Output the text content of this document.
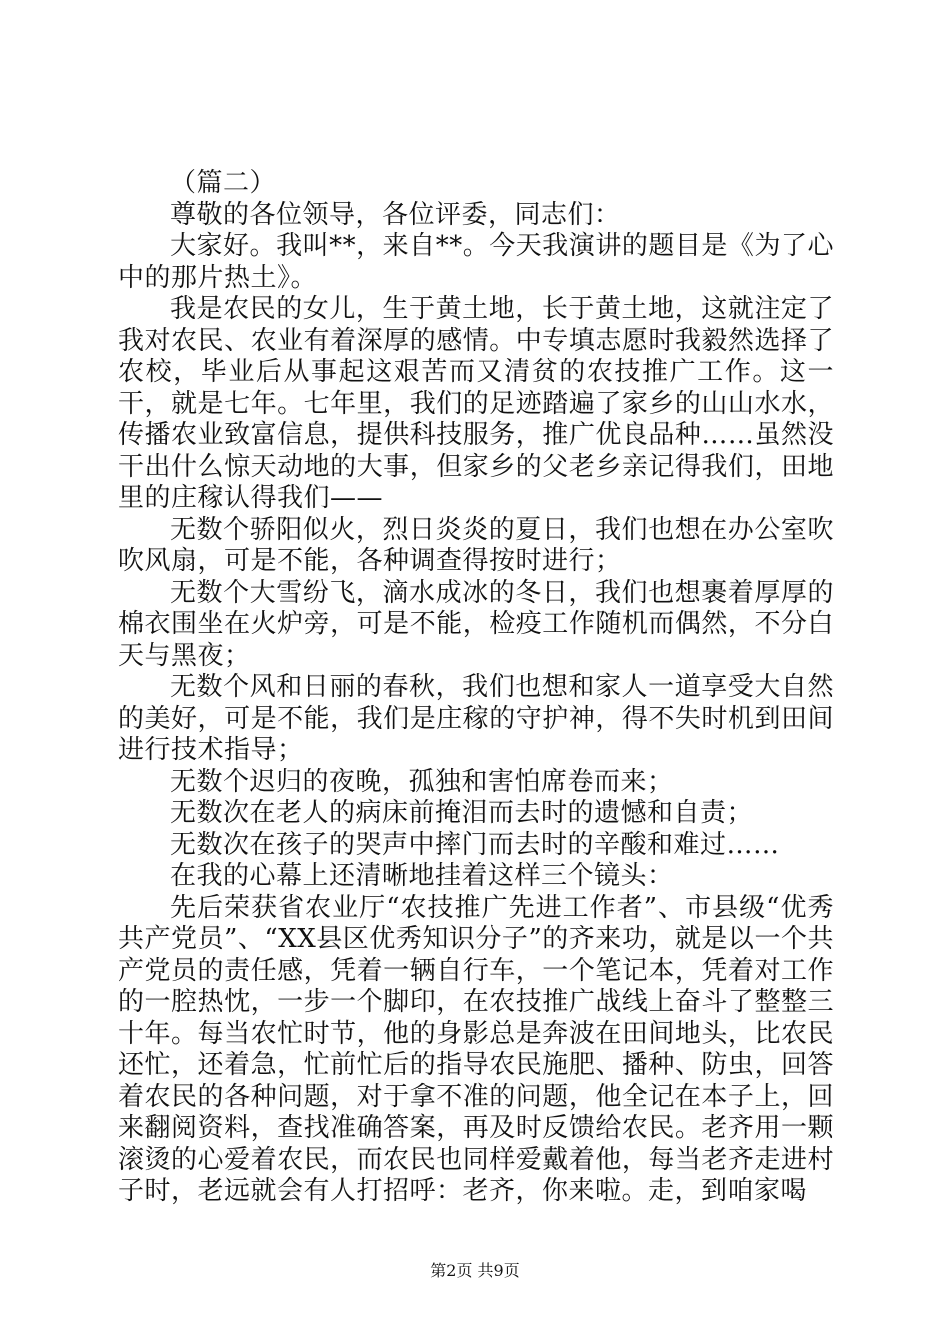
（篇二）

尊敬的各位领导，各位评委，同志们：

大家好。我叫**，来自**。今天我演讲的题目是《为了心中的那片热土》。

我是农民的女儿，生于黄土地，长于黄土地，这就注定了我对农民、农业有着深厚的感情。中专填志愿时我毅然选择了农校，毕业后从事起这艰苦而又清贫的农技推广工作。这一干，就是七年。七年里，我们的足迹踏遍了家乡的山山水水，传播农业致富信息，提供科技服务，推广优良品种……虽然没干出什么惊天动地的大事，但家乡的父老乡亲记得我们，田地里的庄稼认得我们——

无数个骄阳似火，烈日炎炎的夏日，我们也想在办公室吹吹风扇，可是不能，各种调查得按时进行；

无数个大雪纷飞，滴水成冰的冬日，我们也想裹着厚厚的棉衣围坐在火炉旁，可是不能，检疫工作随机而偶然，不分白天与黑夜；

无数个风和日丽的春秋，我们也想和家人一道享受大自然的美好，可是不能，我们是庄稼的守护神，得不失时机到田间进行技术指导；

无数个迟归的夜晚，孤独和害怕席卷而来；

无数次在老人的病床前掩泪而去时的遗憾和自责；

无数次在孩子的哭声中摔门而去时的辛酸和难过……

在我的心幕上还清晰地挂着这样三个镜头：

先后荣获省农业厅“农技推广先进工作者”、市县级“优秀共产党员”、“XX县区优秀知识分子”的齐来功，就是以一个共产党员的责任感，凭着一辆自行车，一个笔记本，凭着对工作的一腔热忱，一步一个脚印，在农技推广战线上奋斗了整整三十年。每当农忙时节，他的身影总是奔波在田间地头，比农民还忙，还着急，忙前忙后的指导农民施肥、播种、防虫，回答着农民的各种问题，对于拿不准的问题，他全记在本子上，回来翻阅资料，查找准确答案，再及时反馈给农民。老齐用一颗滚烫的心爱着农民，而农民也同样爱戴着他，每当老齐走进村子时，老远就会有人打招呼：老齐，你来啦。走，到咱家喝

第2页 共9页
